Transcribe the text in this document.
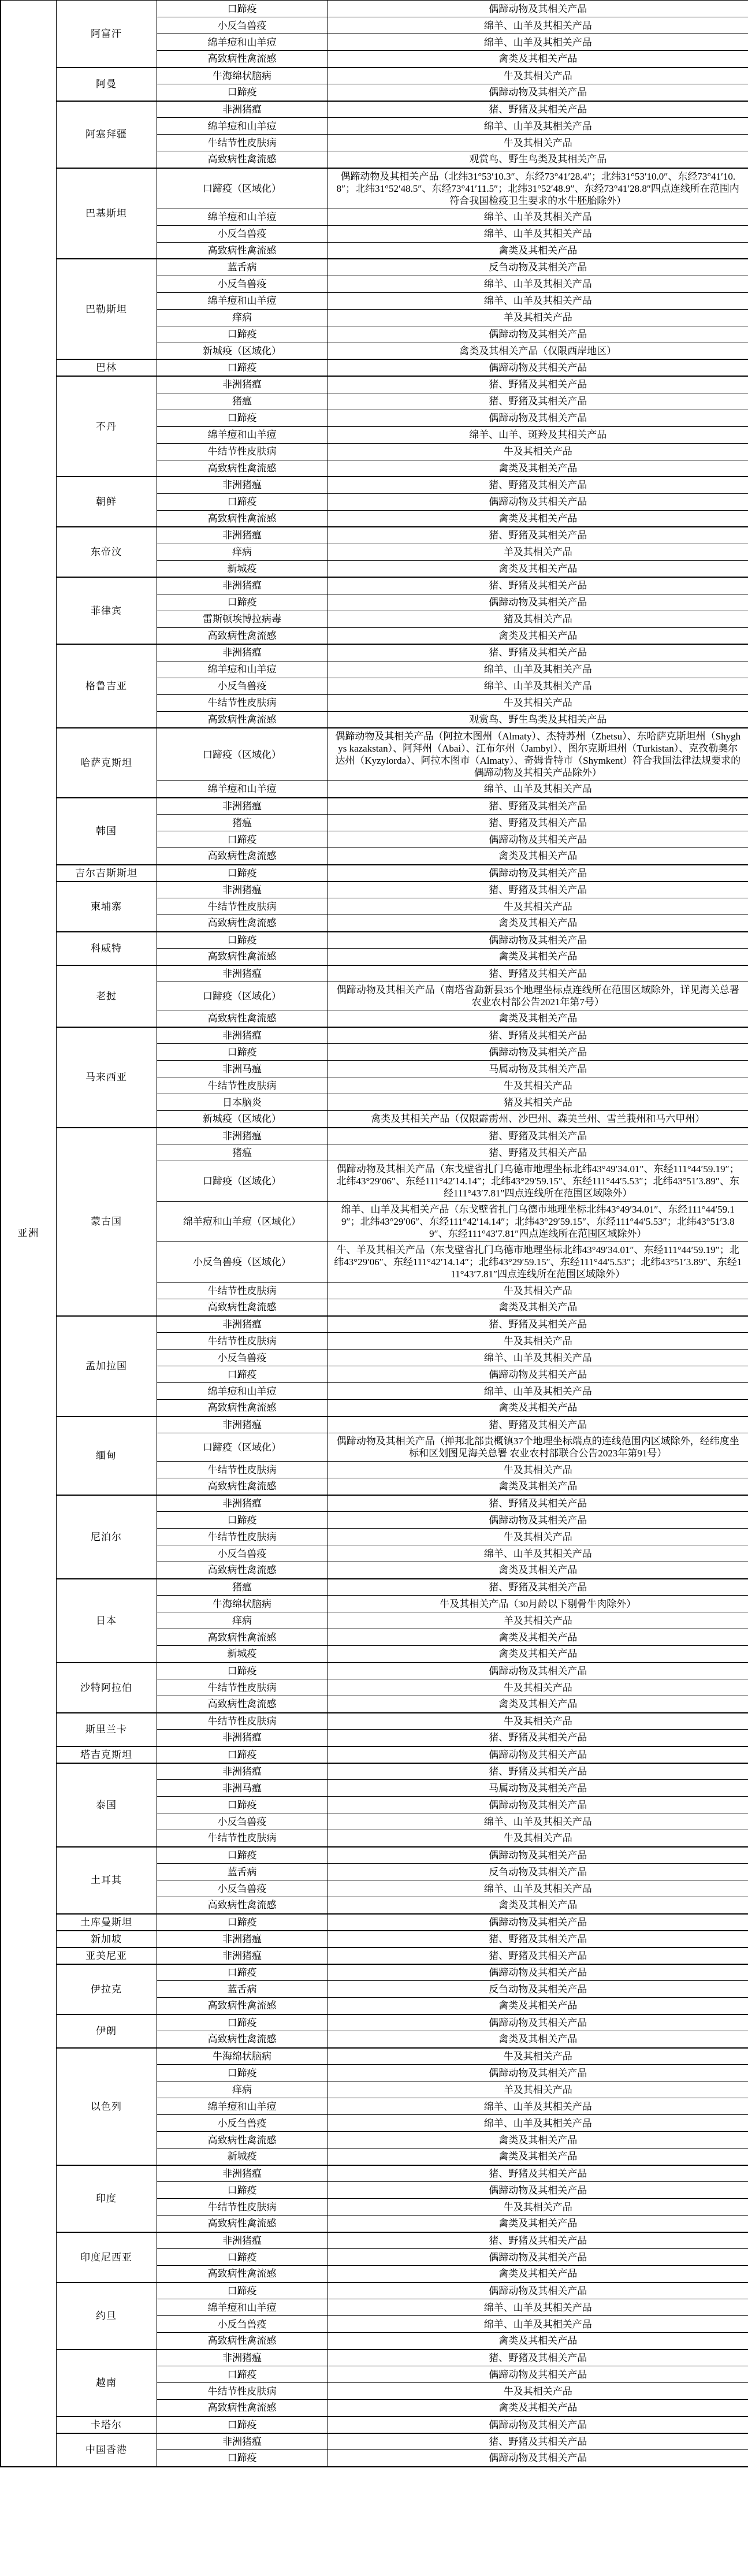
亚洲	阿富汗	口蹄疫	偶蹄动物及其相关产品
		小反刍兽疫	绵羊、山羊及其相关产品
		绵羊痘和山羊痘	绵羊、山羊及其相关产品
		高致病性禽流感	禽类及其相关产品
	阿曼	牛海绵状脑病	牛及其相关产品
		口蹄疫	偶蹄动物及其相关产品
	阿塞拜疆	非洲猪瘟	猪、野猪及其相关产品
		绵羊痘和山羊痘	绵羊、山羊及其相关产品
		牛结节性皮肤病	牛及其相关产品
		高致病性禽流感	观赏鸟、野生鸟类及其相关产品
	巴基斯坦	口蹄疫（区域化）	偶蹄动物及其相关产品（北纬31°53′10.3″、东经73°41′28.4″；北纬31°53′10.0″、东经73°41′10.8″；北纬31°52′48.5″、东经73°41′11.5″；北纬31°52′48.9″、东经73°41′28.8″四点连线所在范围内符合我国检疫卫生要求的水牛胚胎除外）
		绵羊痘和山羊痘	绵羊、山羊及其相关产品
		小反刍兽疫	绵羊、山羊及其相关产品
		高致病性禽流感	禽类及其相关产品
	巴勒斯坦	蓝舌病	反刍动物及其相关产品
		小反刍兽疫	绵羊、山羊及其相关产品
		绵羊痘和山羊痘	绵羊、山羊及其相关产品
		痒病	羊及其相关产品
		口蹄疫	偶蹄动物及其相关产品
		新城疫（区域化）	禽类及其相关产品（仅限西岸地区）
	巴林	口蹄疫	偶蹄动物及其相关产品
	不丹	非洲猪瘟	猪、野猪及其相关产品
		猪瘟	猪、野猪及其相关产品
		口蹄疫	偶蹄动物及其相关产品
		绵羊痘和山羊痘	绵羊、山羊、斑羚及其相关产品
		牛结节性皮肤病	牛及其相关产品
		高致病性禽流感	禽类及其相关产品
	朝鲜	非洲猪瘟	猪、野猪及其相关产品
		口蹄疫	偶蹄动物及其相关产品
		高致病性禽流感	禽类及其相关产品
	东帝汶	非洲猪瘟	猪、野猪及其相关产品
		痒病	羊及其相关产品
		新城疫	禽类及其相关产品
	菲律宾	非洲猪瘟	猪、野猪及其相关产品
		口蹄疫	偶蹄动物及其相关产品
		雷斯顿埃博拉病毒	猪及其相关产品
		高致病性禽流感	禽类及其相关产品
	格鲁吉亚	非洲猪瘟	猪、野猪及其相关产品
		绵羊痘和山羊痘	绵羊、山羊及其相关产品
		小反刍兽疫	绵羊、山羊及其相关产品
		牛结节性皮肤病	牛及其相关产品
		高致病性禽流感	观赏鸟、野生鸟类及其相关产品
	哈萨克斯坦	口蹄疫（区域化）	偶蹄动物及其相关产品（阿拉木图州（Almaty）、杰特苏州（Zhetsu）、东哈萨克斯坦州（Shyghys kazakstan）、阿拜州（Abai）、江布尔州（Jambyl）、图尔克斯坦州（Turkistan）、克孜勒奥尔达州（Kyzylorda）、阿拉木图市（Almaty）、奇姆肯特市（Shymkent）符合我国法律法规要求的偶蹄动物及其相关产品除外）
		绵羊痘和山羊痘	绵羊、山羊及其相关产品
	韩国	非洲猪瘟	猪、野猪及其相关产品
		猪瘟	猪、野猪及其相关产品
		口蹄疫	偶蹄动物及其相关产品
		高致病性禽流感	禽类及其相关产品
	吉尔吉斯斯坦	口蹄疫	偶蹄动物及其相关产品
	柬埔寨	非洲猪瘟	猪、野猪及其相关产品
		牛结节性皮肤病	牛及其相关产品
		高致病性禽流感	禽类及其相关产品
	科威特	口蹄疫	偶蹄动物及其相关产品
		高致病性禽流感	禽类及其相关产品
	老挝	非洲猪瘟	猪、野猪及其相关产品
		口蹄疫（区域化）	偶蹄动物及其相关产品（南塔省勐新县35个地理坐标点连线所在范围区域除外，详见海关总署 农业农村部公告2021年第7号）
		高致病性禽流感	禽类及其相关产品
	马来西亚	非洲猪瘟	猪、野猪及其相关产品
		口蹄疫	偶蹄动物及其相关产品
		非洲马瘟	马属动物及其相关产品
		牛结节性皮肤病	牛及其相关产品
		日本脑炎	猪及其相关产品
		新城疫（区域化）	禽类及其相关产品（仅限霹雳州、沙巴州、森美兰州、雪兰莪州和马六甲州）
	蒙古国	非洲猪瘟	猪、野猪及其相关产品
		猪瘟	猪、野猪及其相关产品
		口蹄疫（区域化）	偶蹄动物及其相关产品（东戈壁省扎门乌德市地理坐标北纬43°49′34.01″、东经111°44′59.19″；北纬43°29′06″、东经111°42′14.14″；北纬43°29′59.15″、东经111°44′5.53″；北纬43°51′3.89″、东经111°43′7.81″四点连线所在范围区域除外）
		绵羊痘和山羊痘（区域化）	绵羊、山羊及其相关产品（东戈壁省扎门乌德市地理坐标北纬43°49′34.01″、东经111°44′59.19″；北纬43°29′06″、东经111°42′14.14″；北纬43°29′59.15″、东经111°44′5.53″；北纬43°51′3.89″、东经111°43′7.81″四点连线所在范围区域除外）
		小反刍兽疫（区域化）	牛、羊及其相关产品（东戈壁省扎门乌德市地理坐标北纬43°49′34.01″、东经111°44′59.19″；北纬43°29′06″、东经111°42′14.14″；北纬43°29′59.15″、东经111°44′5.53″；北纬43°51′3.89″、东经111°43′7.81″四点连线所在范围区域除外）
		牛结节性皮肤病	牛及其相关产品
		高致病性禽流感	禽类及其相关产品
	孟加拉国	非洲猪瘟	猪、野猪及其相关产品
		牛结节性皮肤病	牛及其相关产品
		小反刍兽疫	绵羊、山羊及其相关产品
		口蹄疫	偶蹄动物及其相关产品
		绵羊痘和山羊痘	绵羊、山羊及其相关产品
		高致病性禽流感	禽类及其相关产品
	缅甸	非洲猪瘟	猪、野猪及其相关产品
		口蹄疫（区域化）	偶蹄动物及其相关产品（掸邦北部贵概镇37个地理坐标端点的连线范围内区域除外，经纬度坐标和区划图见海关总署 农业农村部联合公告2023年第91号）
		牛结节性皮肤病	牛及其相关产品
		高致病性禽流感	禽类及其相关产品
	尼泊尔	非洲猪瘟	猪、野猪及其相关产品
		口蹄疫	偶蹄动物及其相关产品
		牛结节性皮肤病	牛及其相关产品
		小反刍兽疫	绵羊、山羊及其相关产品
		高致病性禽流感	禽类及其相关产品
	日本	猪瘟	猪、野猪及其相关产品
		牛海绵状脑病	牛及其相关产品（30月龄以下剔骨牛肉除外）
		痒病	羊及其相关产品
		高致病性禽流感	禽类及其相关产品
		新城疫	禽类及其相关产品
	沙特阿拉伯	口蹄疫	偶蹄动物及其相关产品
		牛结节性皮肤病	牛及其相关产品
		高致病性禽流感	禽类及其相关产品
	斯里兰卡	牛结节性皮肤病	牛及其相关产品
		非洲猪瘟	猪、野猪及其相关产品
	塔吉克斯坦	口蹄疫	偶蹄动物及其相关产品
	泰国	非洲猪瘟	猪、野猪及其相关产品
		非洲马瘟	马属动物及其相关产品
		口蹄疫	偶蹄动物及其相关产品
		小反刍兽疫	绵羊、山羊及其相关产品
		牛结节性皮肤病	牛及其相关产品
	土耳其	口蹄疫	偶蹄动物及其相关产品
		蓝舌病	反刍动物及其相关产品
		小反刍兽疫	绵羊、山羊及其相关产品
		高致病性禽流感	禽类及其相关产品
	土库曼斯坦	口蹄疫	偶蹄动物及其相关产品
	新加坡	非洲猪瘟	猪、野猪及其相关产品
	亚美尼亚	非洲猪瘟	猪、野猪及其相关产品
	伊拉克	口蹄疫	偶蹄动物及其相关产品
		蓝舌病	反刍动物及其相关产品
		高致病性禽流感	禽类及其相关产品
	伊朗	口蹄疫	偶蹄动物及其相关产品
		高致病性禽流感	禽类及其相关产品
	以色列	牛海绵状脑病	牛及其相关产品
		口蹄疫	偶蹄动物及其相关产品
		痒病	羊及其相关产品
		绵羊痘和山羊痘	绵羊、山羊及其相关产品
		小反刍兽疫	绵羊、山羊及其相关产品
		高致病性禽流感	禽类及其相关产品
		新城疫	禽类及其相关产品
	印度	非洲猪瘟	猪、野猪及其相关产品
		口蹄疫	偶蹄动物及其相关产品
		牛结节性皮肤病	牛及其相关产品
		高致病性禽流感	禽类及其相关产品
	印度尼西亚	非洲猪瘟	猪、野猪及其相关产品
		口蹄疫	偶蹄动物及其相关产品
		高致病性禽流感	禽类及其相关产品
	约旦	口蹄疫	偶蹄动物及其相关产品
		绵羊痘和山羊痘	绵羊、山羊及其相关产品
		小反刍兽疫	绵羊、山羊及其相关产品
		高致病性禽流感	禽类及其相关产品
	越南	非洲猪瘟	猪、野猪及其相关产品
		口蹄疫	偶蹄动物及其相关产品
		牛结节性皮肤病	牛及其相关产品
		高致病性禽流感	禽类及其相关产品
	卡塔尔	口蹄疫	偶蹄动物及其相关产品
	中国香港	非洲猪瘟	猪、野猪及其相关产品
		口蹄疫	偶蹄动物及其相关产品
